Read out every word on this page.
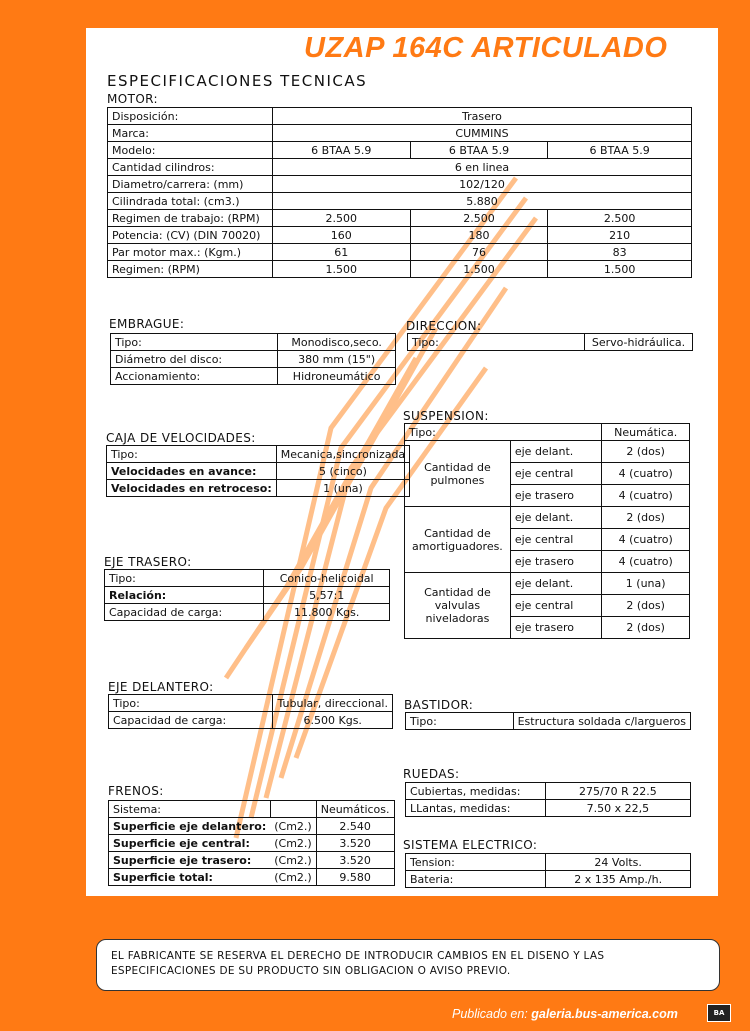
UZAP 164C ARTICULADO
ESPECIFICACIONES TECNICAS
MOTOR:
Disposición:	Trasero		
Marca:	CUMMINS		
Modelo:	6 BTAA 5.9	6 BTAA 5.9	6 BTAA 5.9
Cantidad cilindros:	6 en linea		
Diametro/carrera: (mm)	102/120		
Cilindrada total: (cm3.)	5.880		
Regimen de trabajo: (RPM)	2.500	2.500	2.500
Potencia: (CV) (DIN 70020)	160	180	210
Par motor max.: (Kgm.)	61	76	83
Regimen: (RPM)	1.500	1.500	1.500
EMBRAGUE:
Tipo:	Monodisco,seco.
Diámetro del disco:	380 mm (15")
Accionamiento:	Hidroneumático
DIRECCION:
Tipo:	Servo-hidráulica.
SUSPENSION:
Tipo:		Neumática.
Cantidad de pulmones	eje delant.	2 (dos)
	eje central	4 (cuatro)
	eje trasero	4 (cuatro)
Cantidad de amortiguadores.	eje delant.	2 (dos)
	eje central	4 (cuatro)
	eje trasero	4 (cuatro)
Cantidad de valvulas niveladoras	eje delant.	1 (una)
	eje central	2 (dos)
	eje trasero	2 (dos)
CAJA DE VELOCIDADES:
Tipo:	Mecanica,sincronizada
Velocidades en avance:	5 (cinco)
Velocidades en retroceso:	1 (una)
EJE TRASERO:
Tipo:	Conico-helicoidal
Relación:	5,57:1
Capacidad de carga:	11.800 Kgs.
EJE DELANTERO:
Tipo:	Tubular, direccional.
Capacidad de carga:	6.500 Kgs.
BASTIDOR:
Tipo:	Estructura soldada c/largueros
RUEDAS:
Cubiertas, medidas:	275/70 R 22.5
LLantas, medidas:	7.50 x 22,5
FRENOS:
Sistema:		Neumáticos.
Superficie eje delantero:	(Cm2.)	2.540
Superficie eje central:	(Cm2.)	3.520
Superficie eje trasero:	(Cm2.)	3.520
Superficie total:	(Cm2.)	9.580
SISTEMA ELECTRICO:
Tension:	24 Volts.
Bateria:	2 x 135 Amp./h.
EL FABRICANTE SE RESERVA EL DERECHO DE INTRODUCIR CAMBIOS EN EL DISENO Y LAS ESPECIFICACIONES DE SU PRODUCTO SIN OBLIGACION O AVISO PREVIO.
Publicado en: galeria.bus-america.com	BA
